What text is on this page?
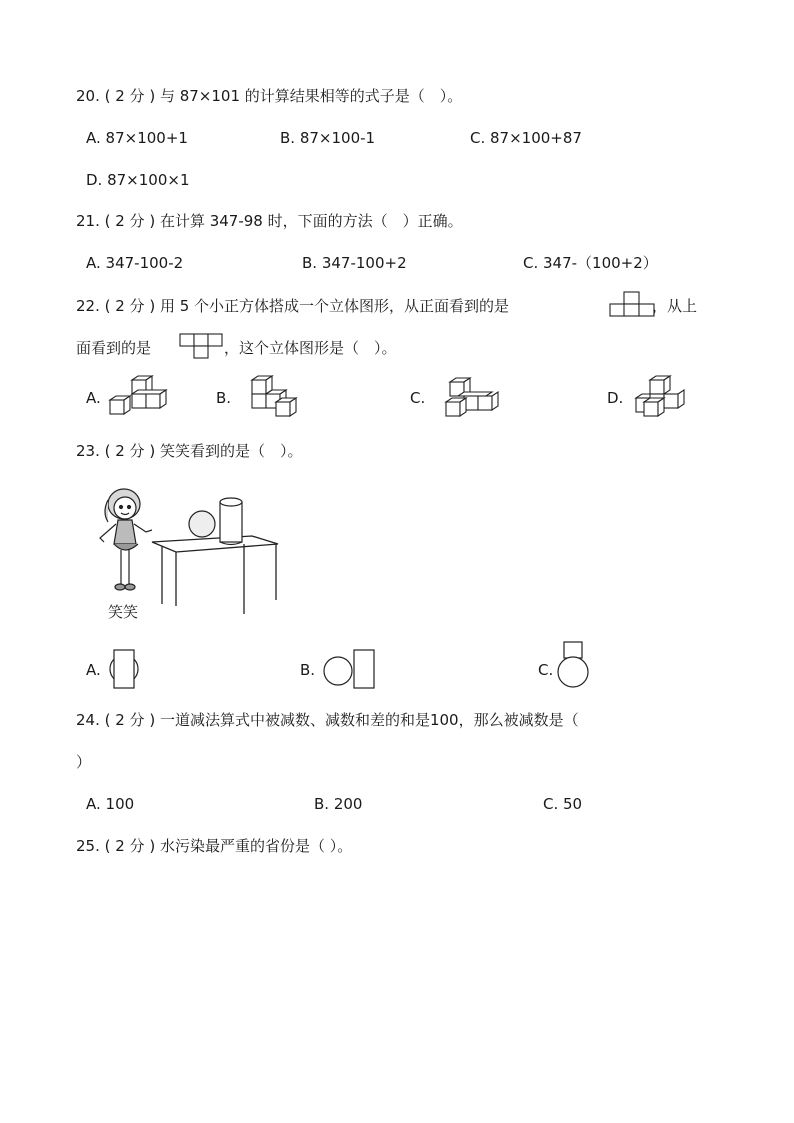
20. ( 2 分 ) 与 87×101 的计算结果相等的式子是（　）。
A. 87×100+1	B. 87×100-1	C. 87×100+87
D. 87×100×1
21. ( 2 分 ) 在计算 347-98 时，下面的方法（　）正确。
A. 347-100-2	B. 347-100+2	C. 347-（100+2）
22. ( 2 分 ) 用 5 个小正方体搭成一个立体图形，从正面看到的是	，从上
面看到的是	，这个立体图形是（　）。
A.	B.	C.	D.
23. ( 2 分 ) 笑笑看到的是（　）。
笑笑
A.	B.	C.
24. ( 2 分 ) 一道减法算式中被减数、减数和差的和是100，那么被减数是（
）
A. 100	B. 200	C. 50
25. ( 2 分 ) 水污染最严重的省份是（ ）。
